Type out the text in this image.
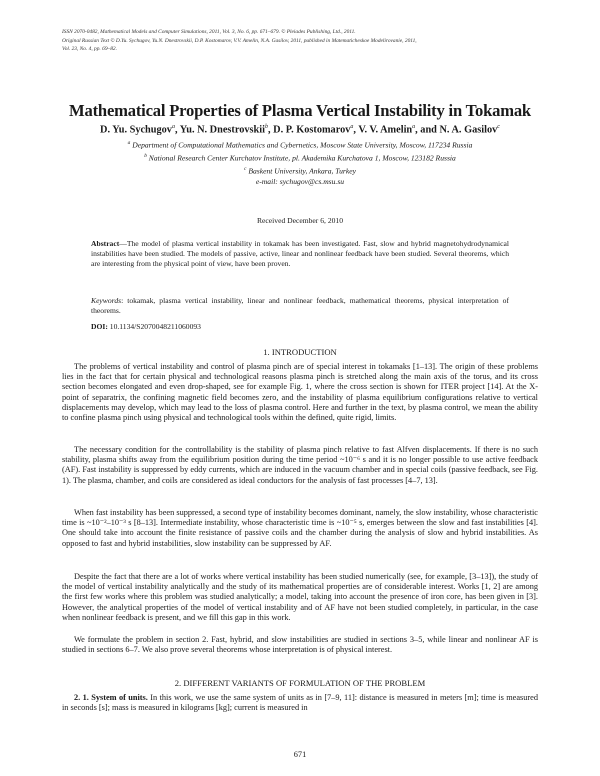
ISSN 2070-0482, Mathematical Models and Computer Simulations, 2011, Vol. 3, No. 6, pp. 671–679. © Pleiades Publishing, Ltd., 2011.
Original Russian Text © D.Yu. Sychugov, Yu.N. Dnestrovskii, D.P. Kostomarov, V.V. Amelin, N.A. Gasilov, 2011, published in Matematicheskoe Modelirovanie, 2011,
Vol. 23, No. 4, pp. 69–82.
Mathematical Properties of Plasma Vertical Instability in Tokamak
D. Yu. Sychugov$^a$, Yu. N. Dnestrovskii$^b$, D. P. Kostomarov$^a$, V. V. Amelin$^a$, and N. A. Gasilov$^c$
$^a$ Department of Computational Mathematics and Cybernetics, Moscow State University, Moscow, 117234 Russia
$^b$ National Research Center Kurchatov Institute, pl. Akademika Kurchatova 1, Moscow, 123182 Russia
$^c$ Baskent University, Ankara, Turkey
e-mail: sychugov@cs.msu.su
Received December 6, 2010
Abstract—The model of plasma vertical instability in tokamak has been investigated. Fast, slow and hybrid magnetohydrodynamical instabilities have been studied. The models of passive, active, linear and nonlinear feedback have been studied. Several theorems, which are interesting from the physical point of view, have been proven.
Keywords: tokamak, plasma vertical instability, linear and nonlinear feedback, mathematical theorems, physical interpretation of theorems.
DOI: 10.1134/S2070048211060093
1. INTRODUCTION
The problems of vertical instability and control of plasma pinch are of special interest in tokamaks [1–13]. The origin of these problems lies in the fact that for certain physical and technological reasons plasma pinch is stretched along the main axis of the torus, and its cross section becomes elongated and even drop-shaped, see for example Fig. 1, where the cross section is shown for ITER project [14]. At the X-point of separatrix, the confining magnetic field becomes zero, and the instability of plasma equilibrium configurations relative to vertical displacements may develop, which may lead to the loss of plasma control. Here and further in the text, by plasma control, we mean the ability to confine plasma pinch using physical and technological tools within the defined, quite rigid, limits.
The necessary condition for the controllability is the stability of plasma pinch relative to fast Alfven displacements. If there is no such stability, plasma shifts away from the equilibrium position during the time period ~10⁻⁶ s and it is no longer possible to use active feedback (AF). Fast instability is suppressed by eddy currents, which are induced in the vacuum chamber and in special coils (passive feedback, see Fig. 1). The plasma, chamber, and coils are considered as ideal conductors for the analysis of fast processes [4–7, 13].
When fast instability has been suppressed, a second type of instability becomes dominant, namely, the slow instability, whose characteristic time is ~10⁻²–10⁻³ s [8–13]. Intermediate instability, whose characteristic time is ~10⁻⁵ s, emerges between the slow and fast instabilities [4]. One should take into account the finite resistance of passive coils and the chamber during the analysis of slow and hybrid instabilities. As opposed to fast and hybrid instabilities, slow instability can be suppressed by AF.
Despite the fact that there are a lot of works where vertical instability has been studied numerically (see, for example, [3–13]), the study of the model of vertical instability analytically and the study of its mathematical properties are of considerable interest. Works [1, 2] are among the first few works where this problem was studied analytically; a model, taking into account the presence of iron core, has been given in [3]. However, the analytical properties of the model of vertical instability and of AF have not been studied completely, in particular, in the case when nonlinear feedback is present, and we fill this gap in this work.
We formulate the problem in section 2. Fast, hybrid, and slow instabilities are studied in sections 3–5, while linear and nonlinear AF is studied in sections 6–7. We also prove several theorems whose interpretation is of physical interest.
2. DIFFERENT VARIANTS OF FORMULATION OF THE PROBLEM
2. 1. System of units. In this work, we use the same system of units as in [7–9, 11]: distance is measured in meters [m]; time is measured in seconds [s]; mass is measured in kilograms [kg]; current is measured in
671
